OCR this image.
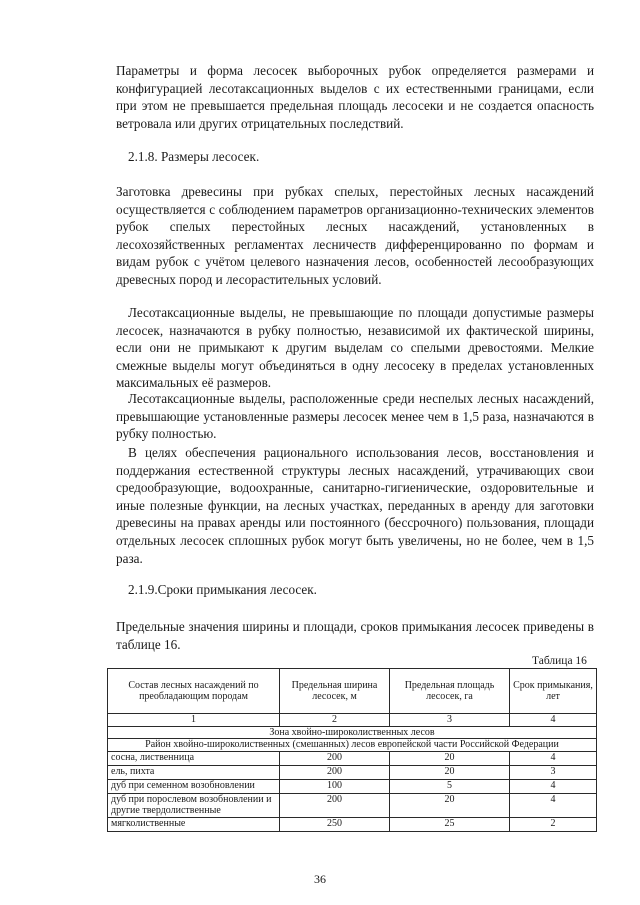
Параметры и форма лесосек выборочных рубок определяется размерами и конфигурацией лесотаксационных выделов с их естественными границами, если при этом не превышается предельная площадь лесосеки и не создается опасность ветровала или других отрицательных последствий.

2.1.8. Размеры лесосек.

Заготовка древесины при рубках спелых, перестойных лесных насаждений осуществляется с соблюдением параметров организационно-технических элементов рубок спелых перестойных лесных насаждений, установленных в лесохозяйственных регламентах лесничеств дифференцированно по формам и видам рубок с учётом целевого назначения лесов, особенностей лесообразующих древесных пород и лесорастительных условий.

Лесотаксационные выделы, не превышающие по площади допустимые размеры лесосек, назначаются в рубку полностью, независимой их фактической ширины, если они не примыкают к другим выделам со спелыми древостоями. Мелкие смежные выделы могут объединяться в одну лесосеку в пределах установленных максимальных её размеров.

Лесотаксационные выделы, расположенные среди неспелых лесных насаждений, превышающие установленные размеры лесосек менее чем в 1,5 раза, назначаются в рубку полностью.

В целях обеспечения рационального использования лесов, восстановления и поддержания естественной структуры лесных насаждений, утрачивающих свои средообразующие, водоохранные, санитарно-гигиенические, оздоровительные и иные полезные функции, на лесных участках, переданных в аренду для заготовки древесины на правах аренды или постоянного (бессрочного) пользования, площади отдельных лесосек сплошных рубок могут быть увеличены, но не более, чем в 1,5 раза.

2.1.9.Сроки примыкания лесосек.

Предельные значения ширины и площади, сроков примыкания лесосек приведены в таблице 16.

Таблица 16
Состав лесных насаждений по преобладающим породам	Предельная ширина лесосек, м	Предельная площадь лесосек, га	Срок примыкания, лет
1	2	3	4
Зона хвойно-широколиственных лесов			
Район хвойно-широколиственных (смешанных) лесов европейской части Российской Федерации			
сосна, лиственница	200	20	4
ель, пихта	200	20	3
дуб при семенном возобновлении	100	5	4
дуб при порослевом возобновлении и другие твердолиственные	200	20	4
мягколиственные	250	25	2
36
